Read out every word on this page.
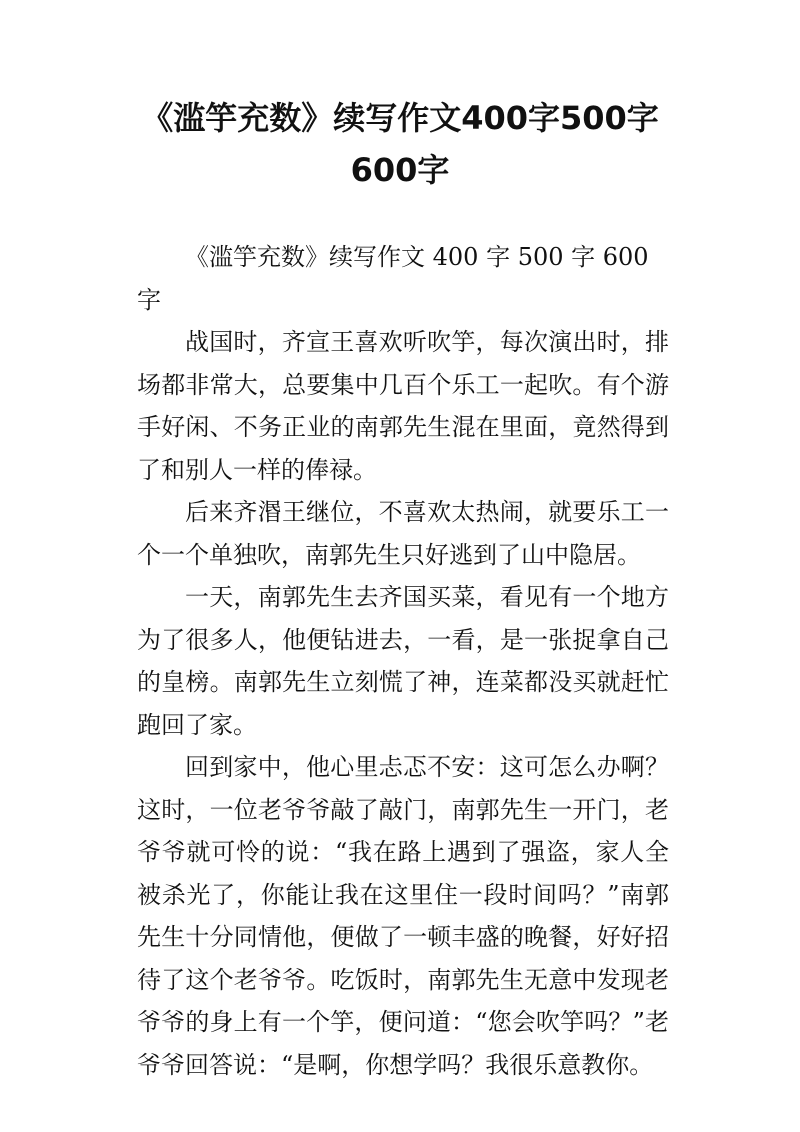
《滥竽充数》续写作文400字500字600字

《滥竽充数》续写作文 400 字 500 字 600 字

战国时，齐宣王喜欢听吹竽，每次演出时，排场都非常大，总要集中几百个乐工一起吹。有个游手好闲、不务正业的南郭先生混在里面，竟然得到了和别人一样的俸禄。

后来齐湣王继位，不喜欢太热闹，就要乐工一个一个单独吹，南郭先生只好逃到了山中隐居。

一天，南郭先生去齐国买菜，看见有一个地方为了很多人，他便钻进去，一看，是一张捉拿自己的皇榜。南郭先生立刻慌了神，连菜都没买就赶忙跑回了家。

回到家中，他心里忐忑不安：这可怎么办啊？这时，一位老爷爷敲了敲门，南郭先生一开门，老爷爷就可怜的说：“我在路上遇到了强盗，家人全被杀光了，你能让我在这里住一段时间吗？”南郭先生十分同情他，便做了一顿丰盛的晚餐，好好招待了这个老爷爷。吃饭时，南郭先生无意中发现老爷爷的身上有一个竽，便问道：“您会吹竽吗？”老爷爷回答说：“是啊，你想学吗？我很乐意教你。
